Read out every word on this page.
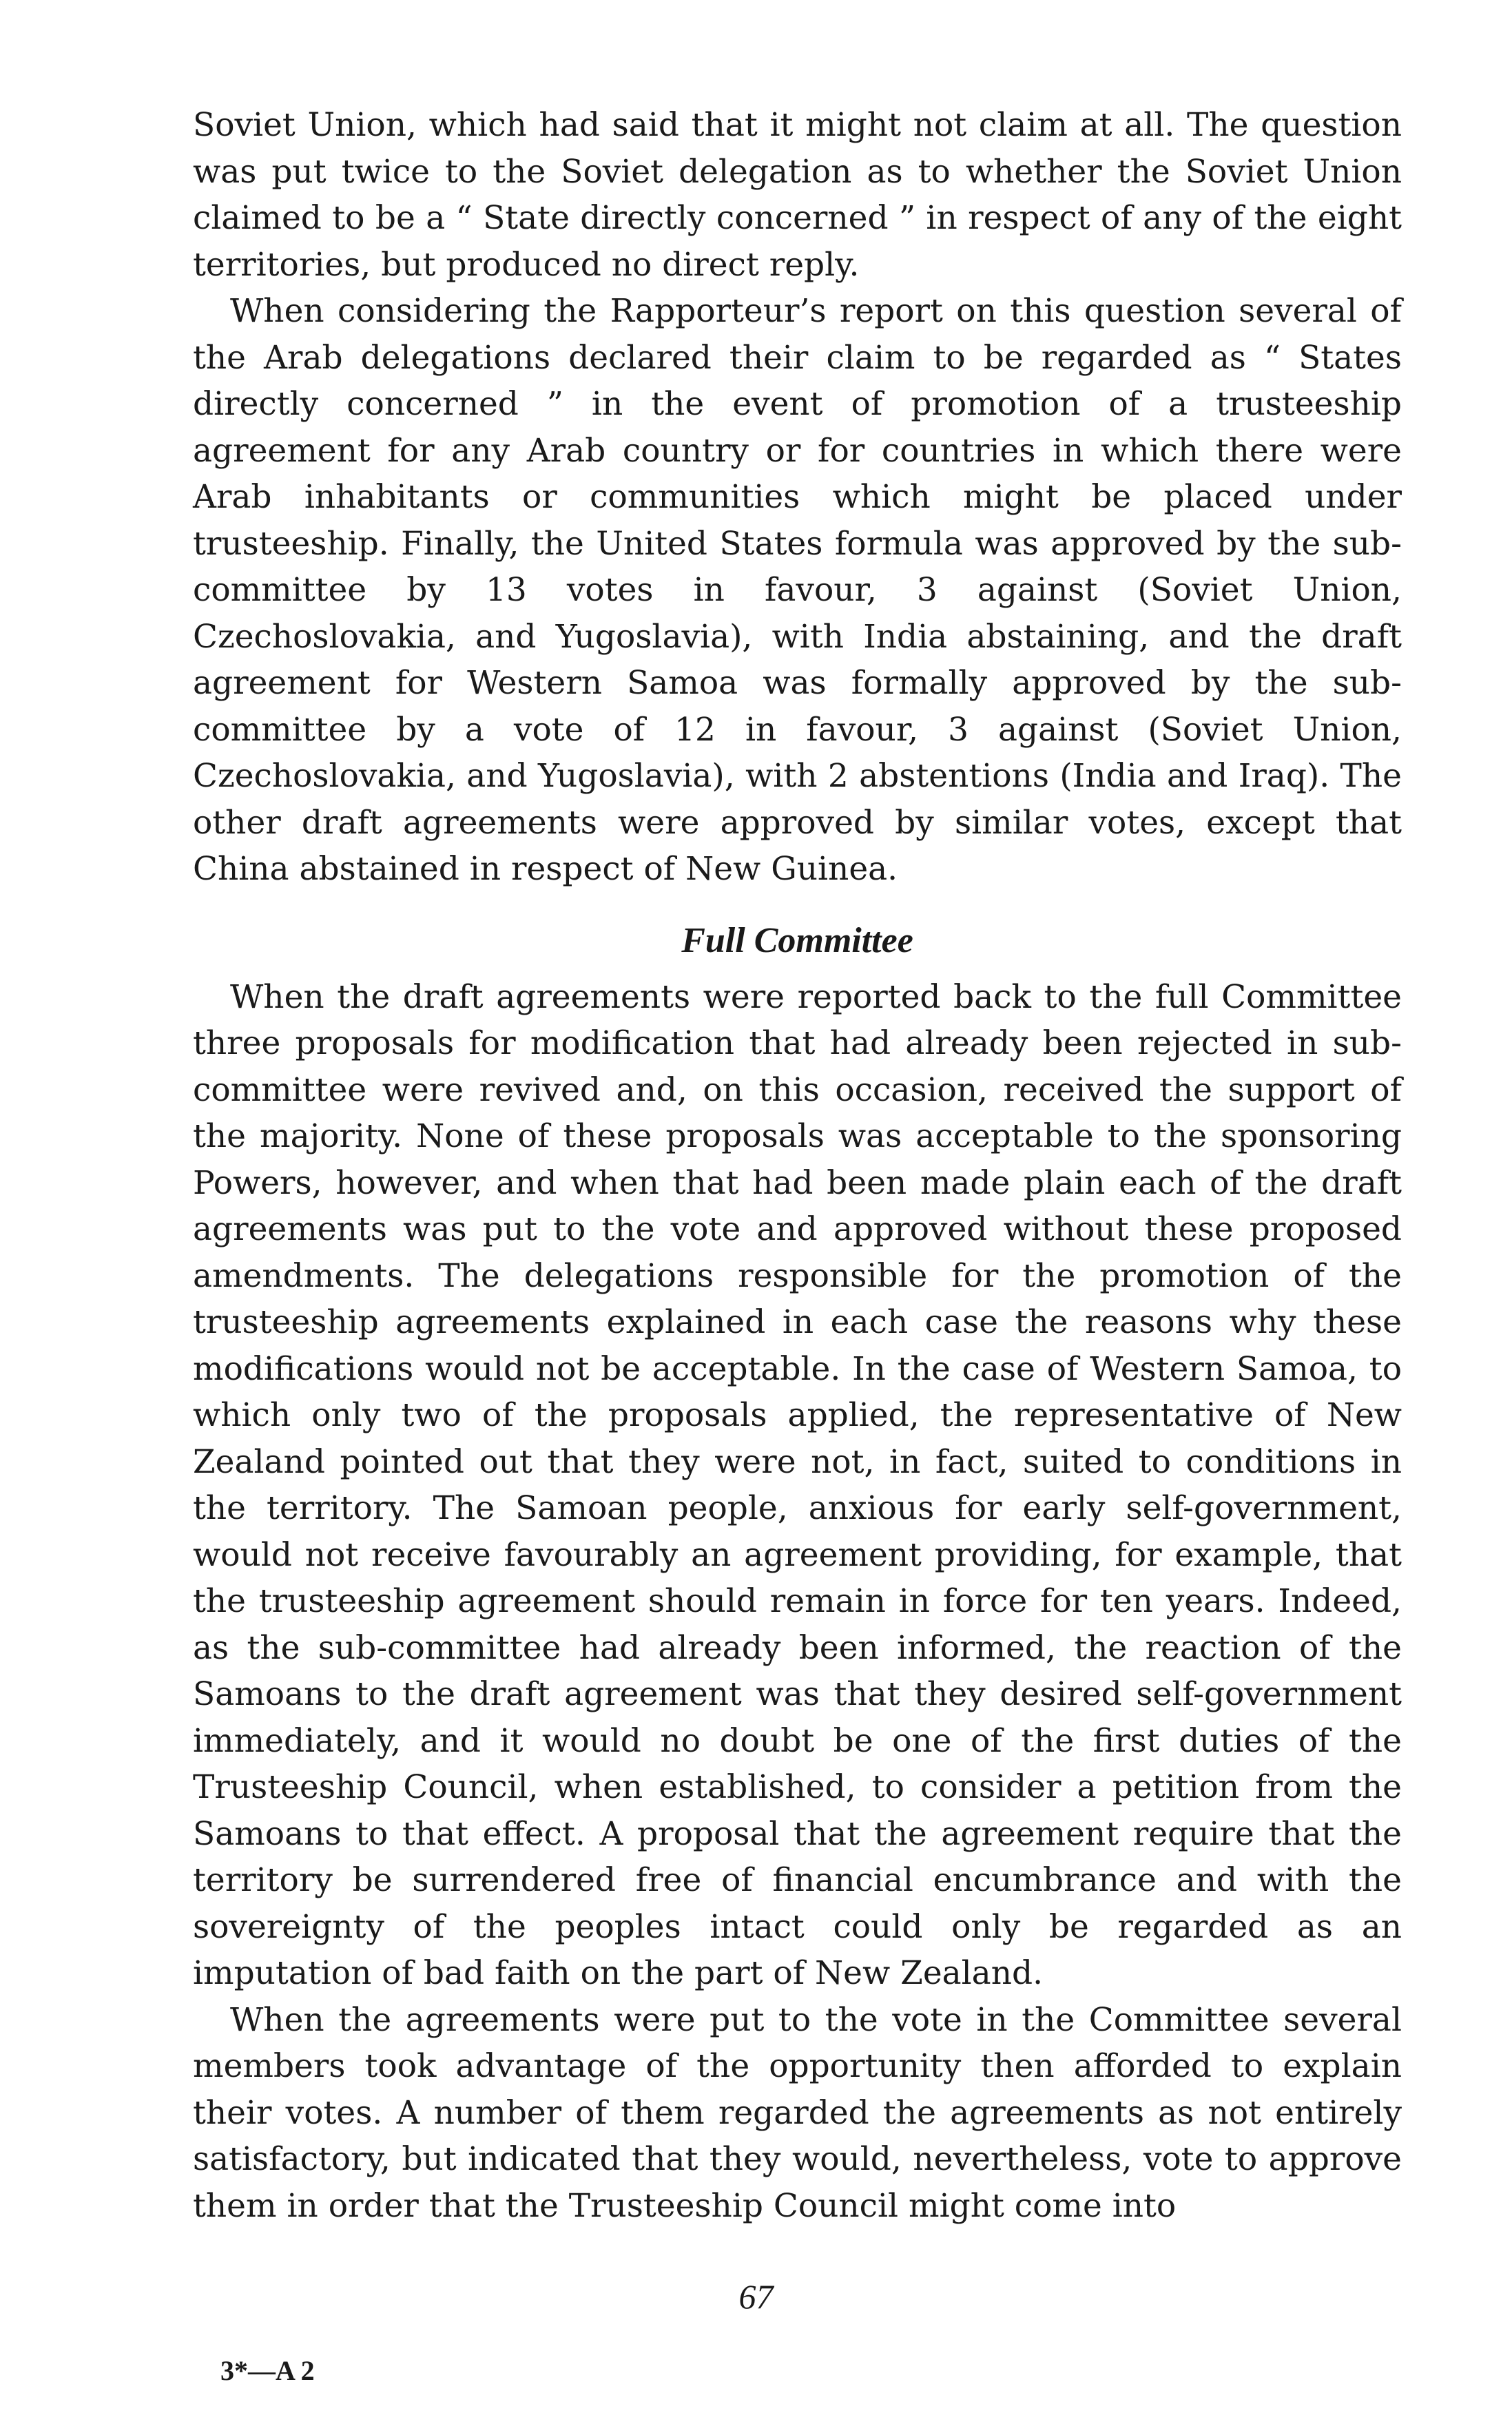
Soviet Union, which had said that it might not claim at all. The question was put twice to the Soviet delegation as to whether the Soviet Union claimed to be a “ State directly concerned ” in respect of any of the eight territories, but produced no direct reply.

When considering the Rapporteur’s report on this question several of the Arab delegations declared their claim to be regarded as “ States directly concerned ” in the event of promotion of a trusteeship agreement for any Arab country or for countries in which there were Arab inhabitants or communities which might be placed under trusteeship. Finally, the United States formula was approved by the sub-committee by 13 votes in favour, 3 against (Soviet Union, Czechoslovakia, and Yugoslavia), with India abstaining, and the draft agreement for Western Samoa was formally approved by the sub-committee by a vote of 12 in favour, 3 against (Soviet Union, Czechoslovakia, and Yugoslavia), with 2 abstentions (India and Iraq). The other draft agreements were approved by similar votes, except that China abstained in respect of New Guinea.

Full Committee

When the draft agreements were reported back to the full Committee three proposals for modification that had already been rejected in sub-committee were revived and, on this occasion, received the support of the majority. None of these proposals was acceptable to the sponsoring Powers, however, and when that had been made plain each of the draft agreements was put to the vote and approved without these proposed amendments. The delegations responsible for the promotion of the trusteeship agreements explained in each case the reasons why these modifications would not be acceptable. In the case of Western Samoa, to which only two of the proposals applied, the representative of New Zealand pointed out that they were not, in fact, suited to conditions in the territory. The Samoan people, anxious for early self-government, would not receive favourably an agreement providing, for example, that the trusteeship agreement should remain in force for ten years. Indeed, as the sub-committee had already been informed, the reaction of the Samoans to the draft agreement was that they desired self-government immediately, and it would no doubt be one of the first duties of the Trusteeship Council, when established, to consider a petition from the Samoans to that effect. A proposal that the agreement require that the territory be surrendered free of financial encumbrance and with the sovereignty of the peoples intact could only be regarded as an imputation of bad faith on the part of New Zealand.

When the agreements were put to the vote in the Committee several members took advantage of the opportunity then afforded to explain their votes. A number of them regarded the agreements as not entirely satisfactory, but indicated that they would, nevertheless, vote to approve them in order that the Trusteeship Council might come into

67
3*—A 2
